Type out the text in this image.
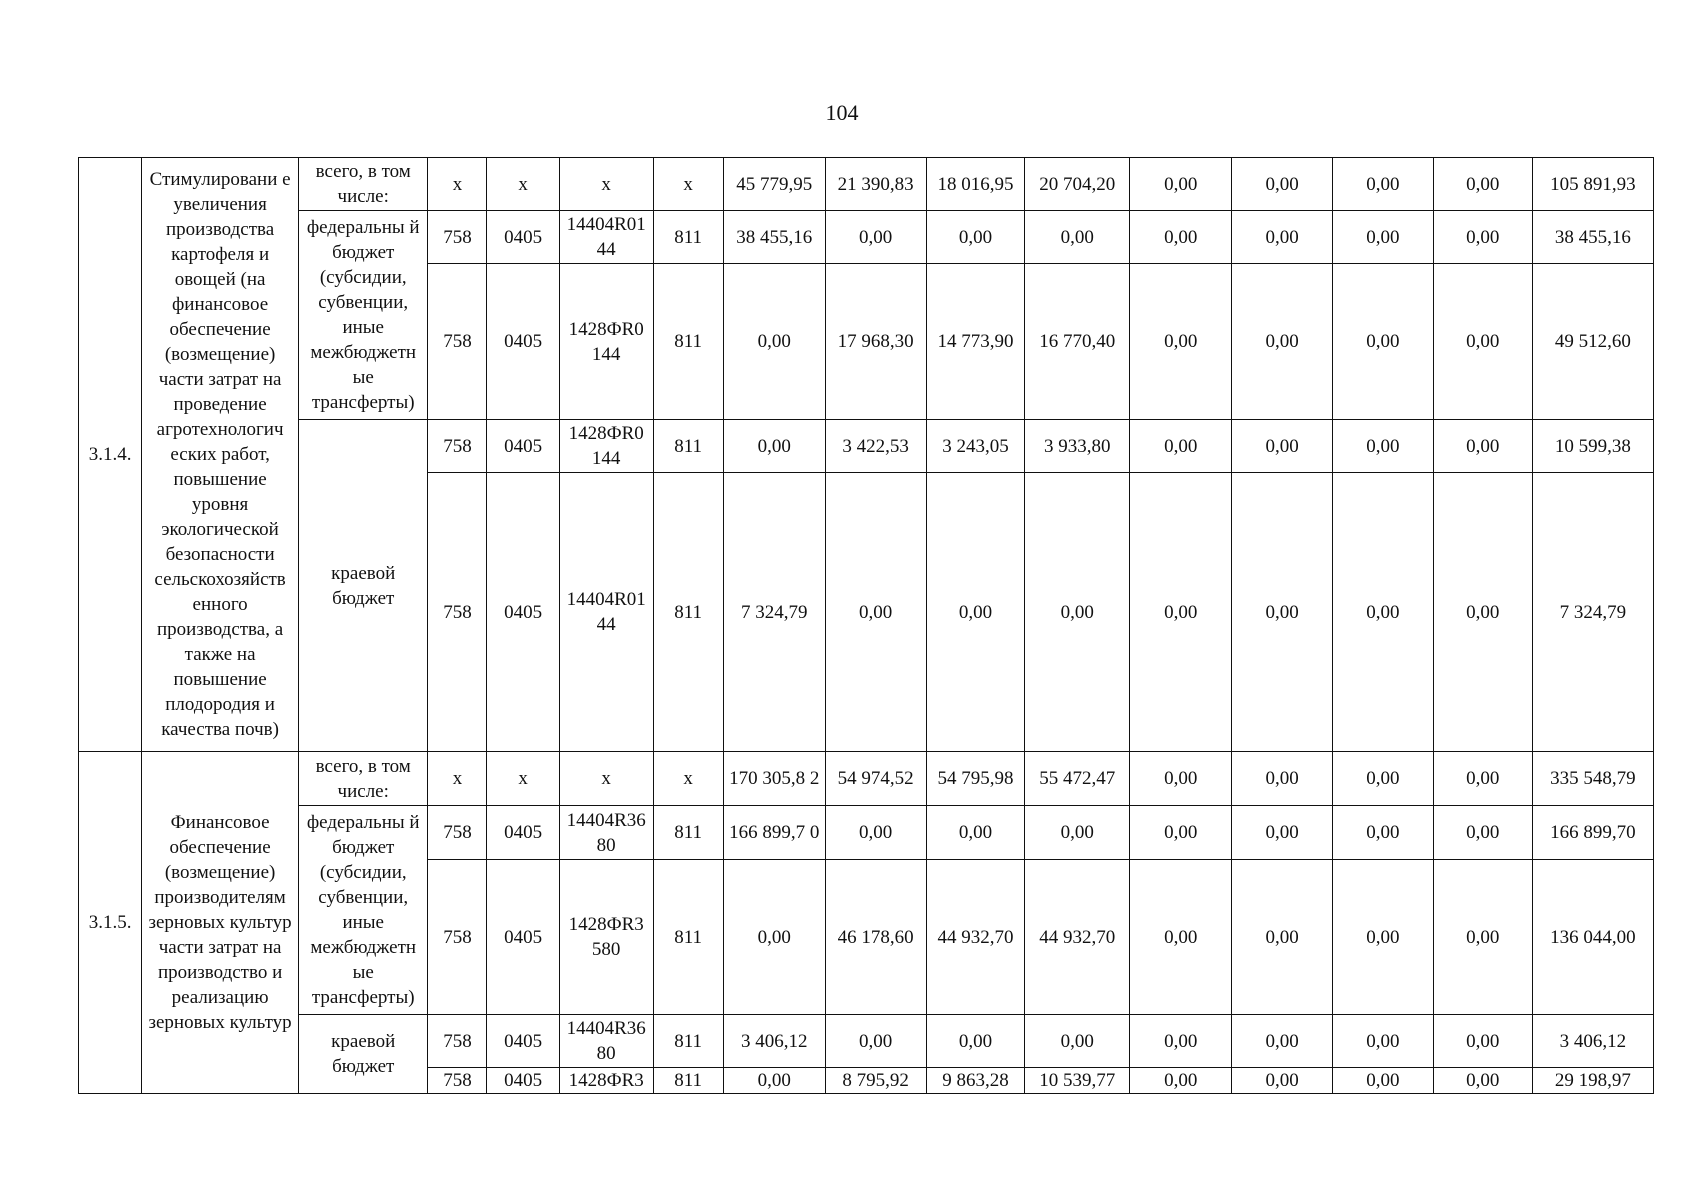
104
3.1.4.	Стимулировани е увеличения производства картофеля и овощей (на финансовое обеспечение (возмещение) части затрат на проведение агротехнологич еских работ, повышение уровня экологической безопасности сельскохозяйств енного производства, а также на повышение плодородия и качества почв)	всего, в том числе:	х	х	х	х	45 779,95	21 390,83	18 016,95	20 704,20	0,00	0,00	0,00	0,00	105 891,93
		федеральны й бюджет (субсидии, субвенции, иные межбюджетн ые трансферты)	758	0405	14404R01 44	811	38 455,16	0,00	0,00	0,00	0,00	0,00	0,00	0,00	38 455,16
			758	0405	1428ФR0 144	811	0,00	17 968,30	14 773,90	16 770,40	0,00	0,00	0,00	0,00	49 512,60
		краевой бюджет	758	0405	1428ФR0 144	811	0,00	3 422,53	3 243,05	3 933,80	0,00	0,00	0,00	0,00	10 599,38
			758	0405	14404R01 44	811	7 324,79	0,00	0,00	0,00	0,00	0,00	0,00	0,00	7 324,79
3.1.5.	Финансовое обеспечение (возмещение) производителям зерновых культур части затрат на производство и реализацию зерновых культур	всего, в том числе:	х	х	х	х	170 305,8 2	54 974,52	54 795,98	55 472,47	0,00	0,00	0,00	0,00	335 548,79
		федеральны й бюджет (субсидии, субвенции, иные межбюджетн ые трансферты)	758	0405	14404R36 80	811	166 899,7 0	0,00	0,00	0,00	0,00	0,00	0,00	0,00	166 899,70
			758	0405	1428ФR3 580	811	0,00	46 178,60	44 932,70	44 932,70	0,00	0,00	0,00	0,00	136 044,00
		краевой бюджет	758	0405	14404R36 80	811	3 406,12	0,00	0,00	0,00	0,00	0,00	0,00	0,00	3 406,12
			758	0405	1428ФR3	811	0,00	8 795,92	9 863,28	10 539,77	0,00	0,00	0,00	0,00	29 198,97
